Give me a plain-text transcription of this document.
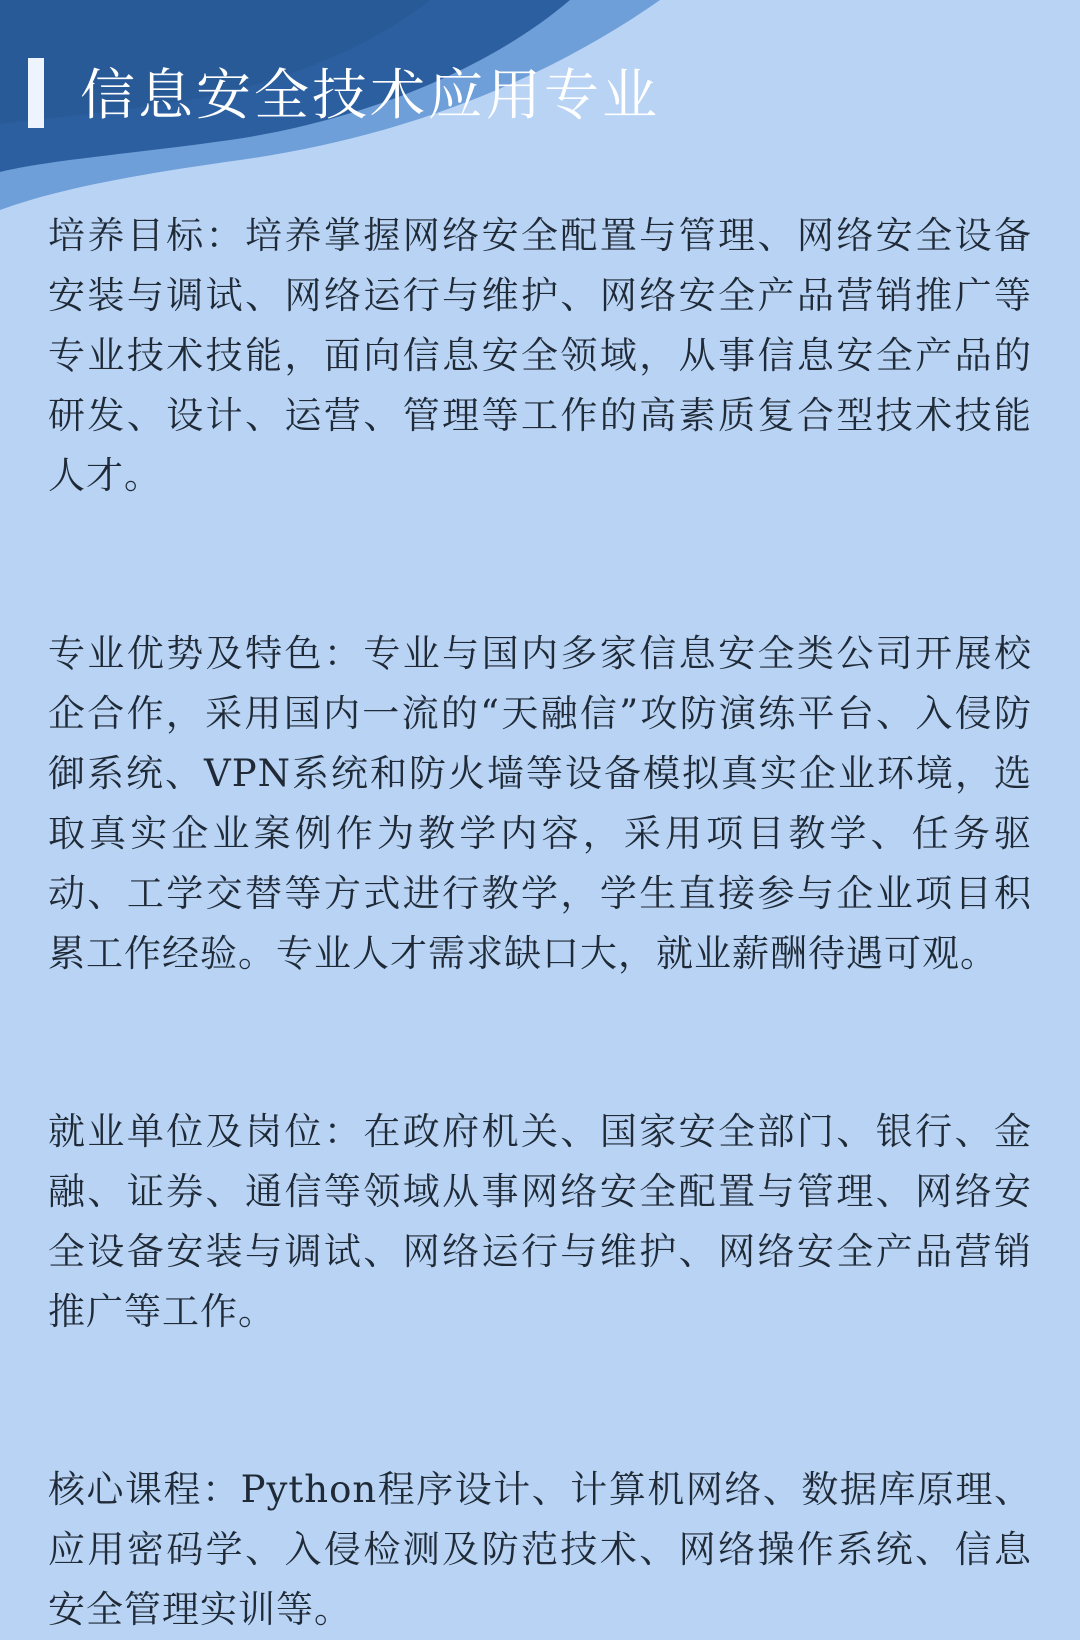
信息安全技术应用专业

培养目标：培养掌握网络安全配置与管理、网络安全设备安装与调试、网络运行与维护、网络安全产品营销推广等专业技术技能，面向信息安全领域，从事信息安全产品的研发、设计、运营、管理等工作的高素质复合型技术技能人才。

专业优势及特色：专业与国内多家信息安全类公司开展校企合作，采用国内一流的“天融信”攻防演练平台、入侵防御系统、VPN系统和防火墙等设备模拟真实企业环境，选取真实企业案例作为教学内容，采用项目教学、任务驱动、工学交替等方式进行教学，学生直接参与企业项目积累工作经验。专业人才需求缺口大，就业薪酬待遇可观。

就业单位及岗位：在政府机关、国家安全部门、银行、金融、证券、通信等领域从事网络安全配置与管理、网络安全设备安装与调试、网络运行与维护、网络安全产品营销推广等工作。

核心课程：Python程序设计、计算机网络、数据库原理、应用密码学、入侵检测及防范技术、网络操作系统、信息安全管理实训等。
